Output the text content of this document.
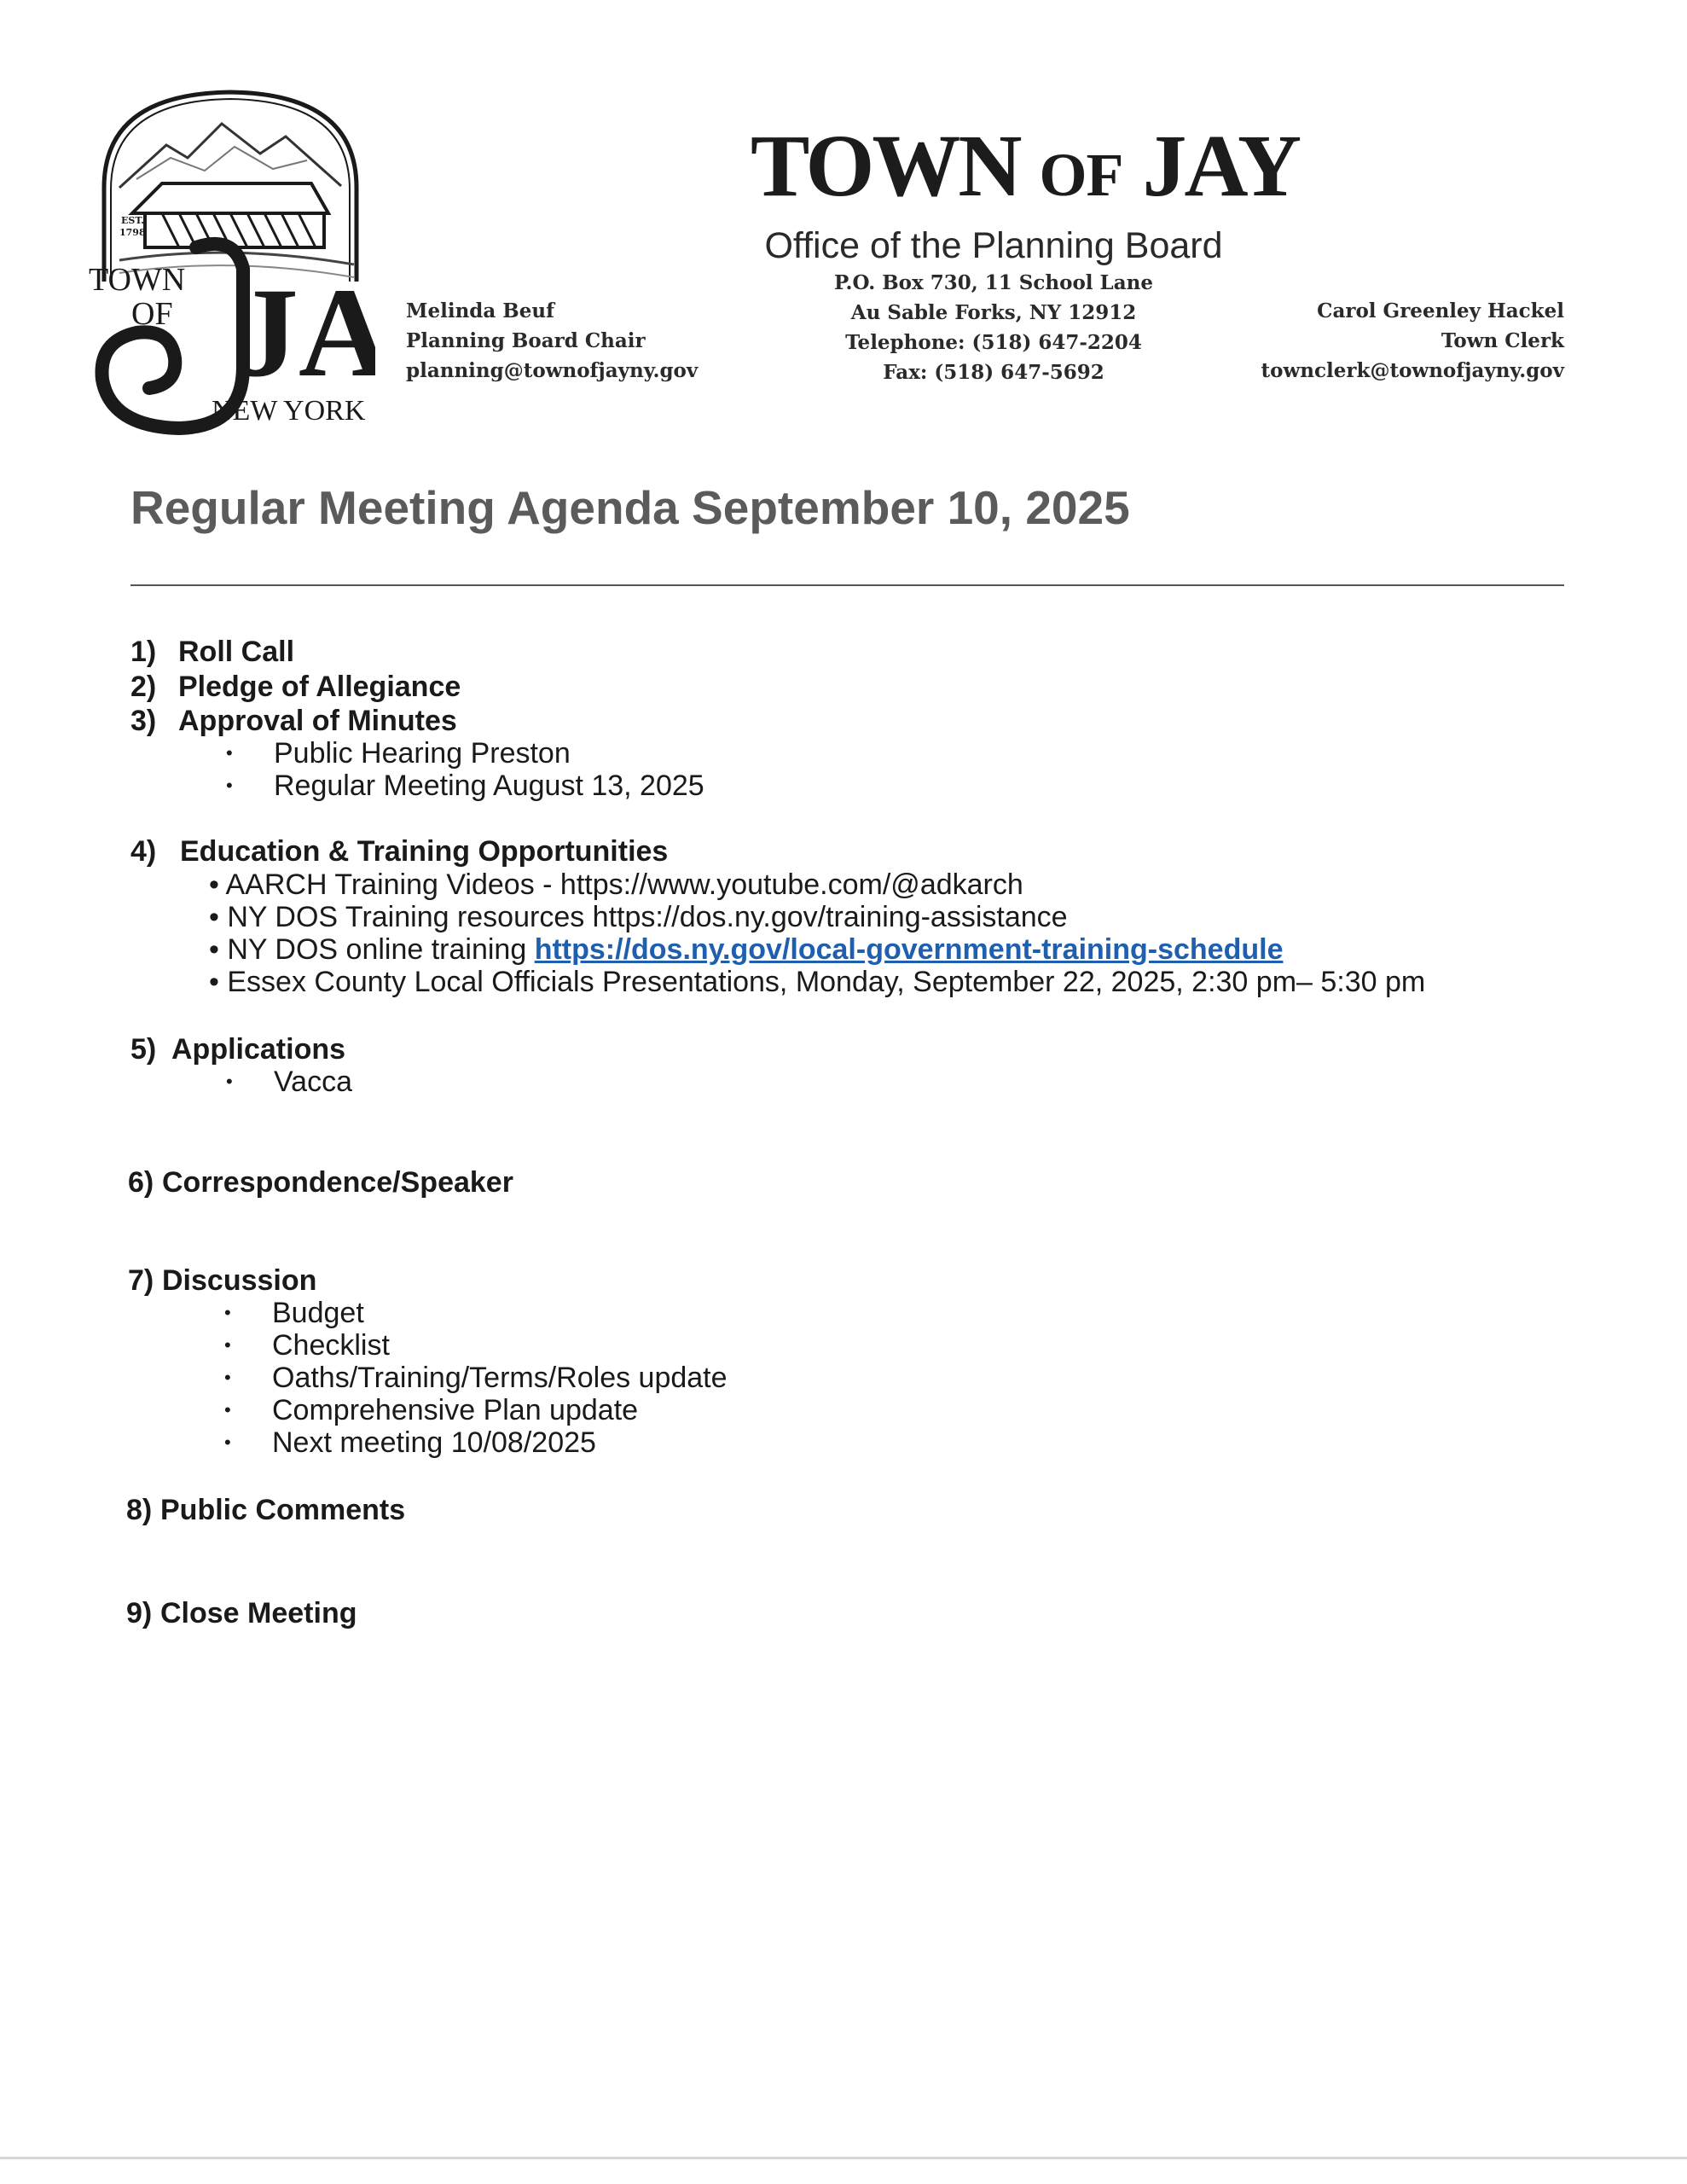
EST.
1798
TOWN
OF JA
NEW YORK
TOWN OF JAY
Office of the Planning Board
P.O. Box 730, 11 School Lane
Au Sable Forks, NY 12912
Telephone: (518) 647-2204
Fax: (518) 647-5692
Melinda Beuf
Planning Board Chair
planning@townofjayny.gov
Carol Greenley Hackel
Town Clerk
townclerk@townofjayny.gov
Regular Meeting Agenda September 10, 2025
1) Roll Call
2) Pledge of Allegiance
3) Approval of Minutes
• Public Hearing Preston
• Regular Meeting August 13, 2025
4) Education & Training Opportunities
• AARCH Training Videos - https://www.youtube.com/@adkarch
• NY DOS Training resources https://dos.ny.gov/training-assistance
• NY DOS online training https://dos.ny.gov/local-government-training-schedule
• Essex County Local Officials Presentations, Monday, September 22, 2025, 2:30 pm– 5:30 pm
5) Applications
• Vacca
6) Correspondence/Speaker
7) Discussion
• Budget
• Checklist
• Oaths/Training/Terms/Roles update
• Comprehensive Plan update
• Next meeting 10/08/2025
8) Public Comments
9) Close Meeting
